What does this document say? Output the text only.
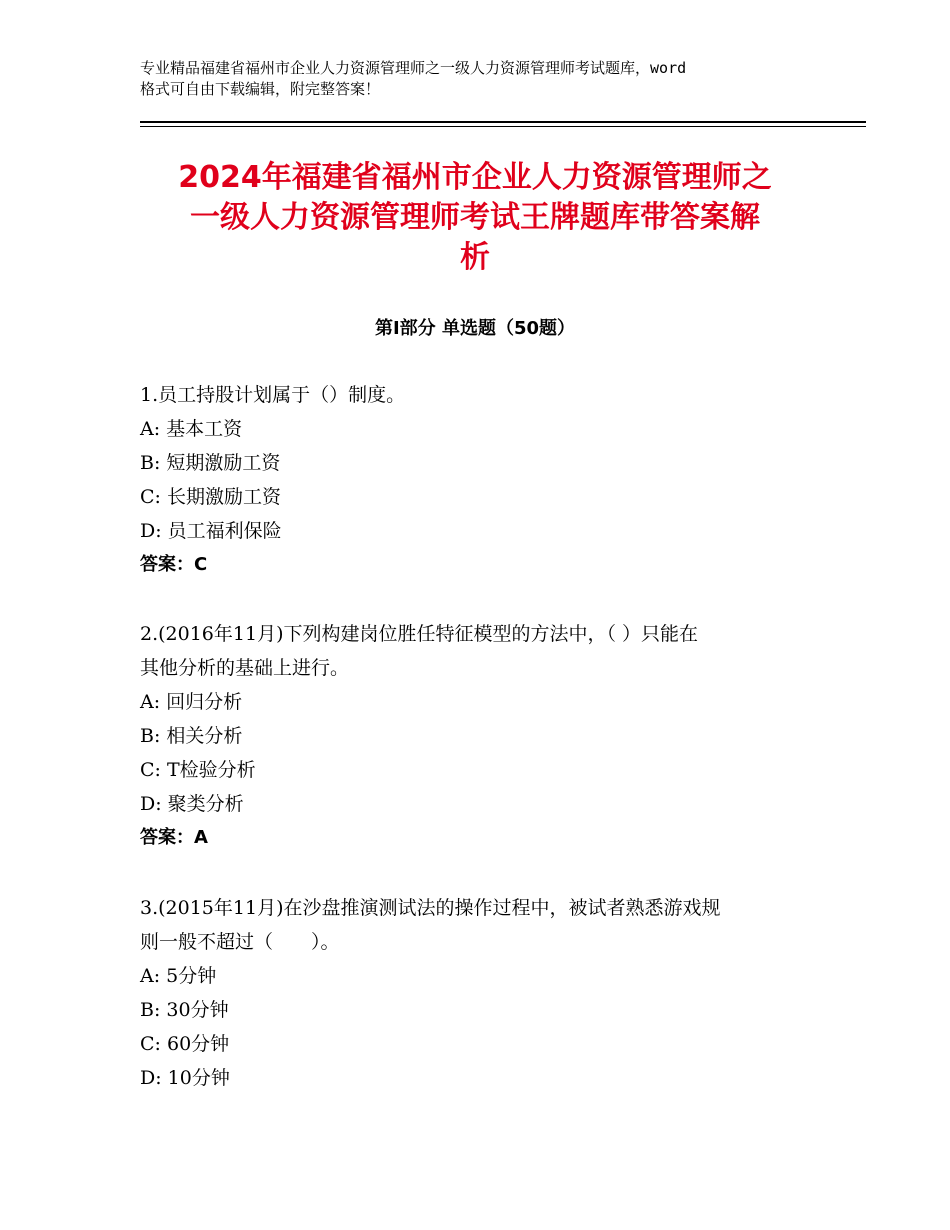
专业精品福建省福州市企业人力资源管理师之一级人力资源管理师考试题库，word
格式可自由下载编辑，附完整答案！
2024年福建省福州市企业人力资源管理师之
一级人力资源管理师考试王牌题库带答案解
析
第Ⅰ部分 单选题（50题）
1.员工持股计划属于（）制度。
A: 基本工资
B: 短期激励工资
C: 长期激励工资
D: 员工福利保险
答案：C
2.(2016年11月)下列构建岗位胜任特征模型的方法中，（ ）只能在
其他分析的基础上进行。
A: 回归分析
B: 相关分析
C: T检验分析
D: 聚类分析
答案：A
3.(2015年11月)在沙盘推演测试法的操作过程中，被试者熟悉游戏规
则一般不超过（　　）。
A: 5分钟
B: 30分钟
C: 60分钟
D: 10分钟
